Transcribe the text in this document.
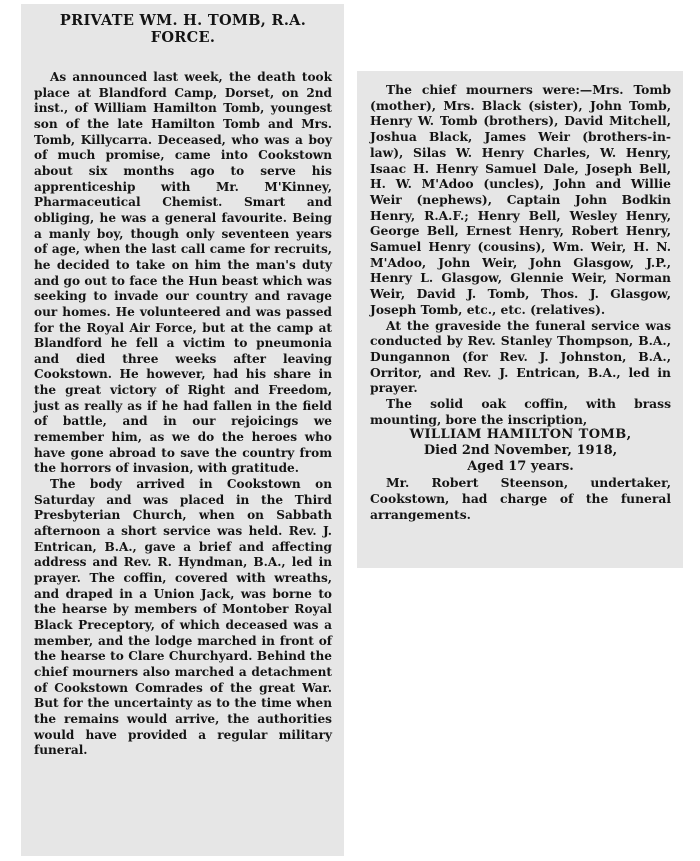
PRIVATE WM. H. TOMB, R.A.
FORCE.

As announced last week, the death took place at Blandford Camp, Dorset, on 2nd inst., of William Hamilton Tomb, youngest son of the late Hamilton Tomb and Mrs. Tomb, Killycarra. Deceased, who was a boy of much promise, came into Cookstown about six months ago to serve his apprenticeship with Mr. M'Kinney, Pharmaceutical Chemist. Smart and obliging, he was a general favourite. Being a manly boy, though only seventeen years of age, when the last call came for recruits, he decided to take on him the man's duty and go out to face the Hun beast which was seeking to invade our country and ravage our homes. He volunteered and was passed for the Royal Air Force, but at the camp at Blandford he fell a victim to pneumonia and died three weeks after leaving Cookstown. He however, had his share in the great victory of Right and Freedom, just as really as if he had fallen in the field of battle, and in our rejoicings we remember him, as we do the heroes who have gone abroad to save the country from the horrors of invasion, with gratitude.

The body arrived in Cookstown on Saturday and was placed in the Third Presbyterian Church, when on Sabbath afternoon a short service was held. Rev. J. Entrican, B.A., gave a brief and affecting address and Rev. R. Hyndman, B.A., led in prayer. The coffin, covered with wreaths, and draped in a Union Jack, was borne to the hearse by members of Montober Royal Black Preceptory, of which deceased was a member, and the lodge marched in front of the hearse to Clare Churchyard. Behind the chief mourners also marched a detachment of Cookstown Comrades of the great War. But for the uncertainty as to the time when the remains would arrive, the authorities would have provided a regular military funeral.

The chief mourners were:—Mrs. Tomb (mother), Mrs. Black (sister), John Tomb, Henry W. Tomb (brothers), David Mitchell, Joshua Black, James Weir (brothers-in-law), Silas W. Henry Charles, W. Henry, Isaac H. Henry Samuel Dale, Joseph Bell, H. W. M'Adoo (uncles), John and Willie Weir (nephews), Captain John Bodkin Henry, R.A.F.; Henry Bell, Wesley Henry, George Bell, Ernest Henry, Robert Henry, Samuel Henry (cousins), Wm. Weir, H. N. M'Adoo, John Weir, John Glasgow, J.P., Henry L. Glasgow, Glennie Weir, Norman Weir, David J. Tomb, Thos. J. Glasgow, Joseph Tomb, etc., etc. (relatives).

At the graveside the funeral service was conducted by Rev. Stanley Thompson, B.A., Dungannon (for Rev. J. Johnston, B.A., Orritor, and Rev. J. Entrican, B.A., led in prayer.

The solid oak coffin, with brass mounting, bore the inscription,

WILLIAM HAMILTON TOMB,

Died 2nd November, 1918,

Aged 17 years.

Mr. Robert Steenson, undertaker, Cookstown, had charge of the funeral arrangements.
